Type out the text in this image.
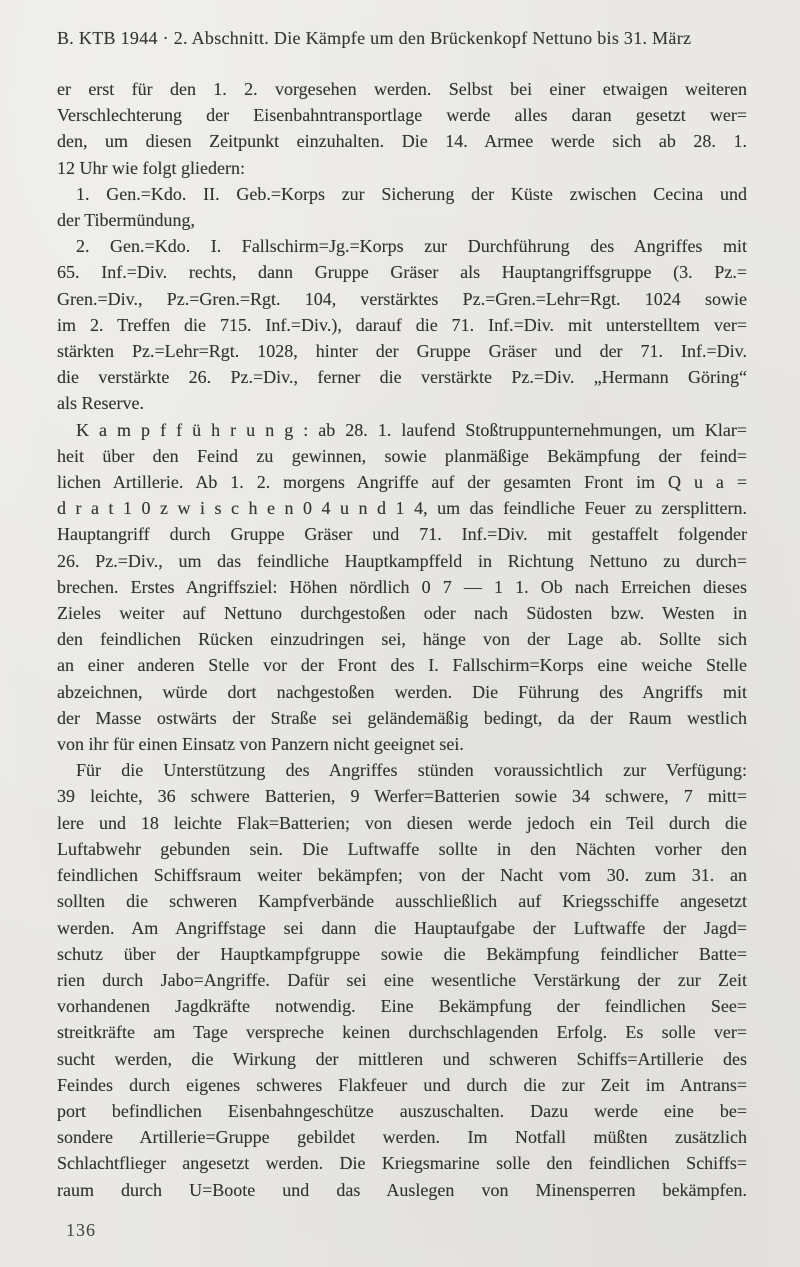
B. KTB 1944 · 2. Abschnitt. Die Kämpfe um den Brückenkopf Nettuno bis 31. März
er erst für den 1. 2. vorgesehen werden. Selbst bei einer etwaigen weiteren
Verschlechterung der Eisenbahntransportlage werde alles daran gesetzt wer=
den, um diesen Zeitpunkt einzuhalten. Die 14. Armee werde sich ab 28. 1.
12 Uhr wie folgt gliedern:
1. Gen.=Kdo. II. Geb.=Korps zur Sicherung der Küste zwischen Cecina und
der Tibermündung,
2. Gen.=Kdo. I. Fallschirm=Jg.=Korps zur Durchführung des Angriffes mit
65. Inf.=Div. rechts, dann Gruppe Gräser als Hauptangriffsgruppe (3. Pz.=
Gren.=Div., Pz.=Gren.=Rgt. 104, verstärktes Pz.=Gren.=Lehr=Rgt. 1024 sowie
im 2. Treffen die 715. Inf.=Div.), darauf die 71. Inf.=Div. mit unterstelltem ver=
stärkten Pz.=Lehr=Rgt. 1028, hinter der Gruppe Gräser und der 71. Inf.=Div.
die verstärkte 26. Pz.=Div., ferner die verstärkte Pz.=Div. „Hermann Göring“
als Reserve.
K a m p f f ü h r u n g : ab 28. 1. laufend Stoßtruppunternehmungen, um Klar=
heit über den Feind zu gewinnen, sowie planmäßige Bekämpfung der feind=
lichen Artillerie. Ab 1. 2. morgens Angriffe auf der gesamten Front im Q u a =
d r a t 1 0 z w i s c h e n 0 4 u n d 1 4, um das feindliche Feuer zu zersplittern.
Hauptangriff durch Gruppe Gräser und 71. Inf.=Div. mit gestaffelt folgender
26. Pz.=Div., um das feindliche Hauptkampffeld in Richtung Nettuno zu durch=
brechen. Erstes Angriffsziel: Höhen nördlich 0 7 — 1 1. Ob nach Erreichen dieses
Zieles weiter auf Nettuno durchgestoßen oder nach Südosten bzw. Westen in
den feindlichen Rücken einzudringen sei, hänge von der Lage ab. Sollte sich
an einer anderen Stelle vor der Front des I. Fallschirm=Korps eine weiche Stelle
abzeichnen, würde dort nachgestoßen werden. Die Führung des Angriffs mit
der Masse ostwärts der Straße sei geländemäßig bedingt, da der Raum westlich
von ihr für einen Einsatz von Panzern nicht geeignet sei.
Für die Unterstützung des Angriffes stünden voraussichtlich zur Verfügung:
39 leichte, 36 schwere Batterien, 9 Werfer=Batterien sowie 34 schwere, 7 mitt=
lere und 18 leichte Flak=Batterien; von diesen werde jedoch ein Teil durch die
Luftabwehr gebunden sein. Die Luftwaffe sollte in den Nächten vorher den
feindlichen Schiffsraum weiter bekämpfen; von der Nacht vom 30. zum 31. an
sollten die schweren Kampfverbände ausschließlich auf Kriegsschiffe angesetzt
werden. Am Angriffstage sei dann die Hauptaufgabe der Luftwaffe der Jagd=
schutz über der Hauptkampfgruppe sowie die Bekämpfung feindlicher Batte=
rien durch Jabo=Angriffe. Dafür sei eine wesentliche Verstärkung der zur Zeit
vorhandenen Jagdkräfte notwendig. Eine Bekämpfung der feindlichen See=
streitkräfte am Tage verspreche keinen durchschlagenden Erfolg. Es solle ver=
sucht werden, die Wirkung der mittleren und schweren Schiffs=Artillerie des
Feindes durch eigenes schweres Flakfeuer und durch die zur Zeit im Antrans=
port befindlichen Eisenbahngeschütze auszuschalten. Dazu werde eine be=
sondere Artillerie=Gruppe gebildet werden. Im Notfall müßten zusätzlich
Schlachtflieger angesetzt werden. Die Kriegsmarine solle den feindlichen Schiffs=
raum durch U=Boote und das Auslegen von Minensperren bekämpfen.
136
